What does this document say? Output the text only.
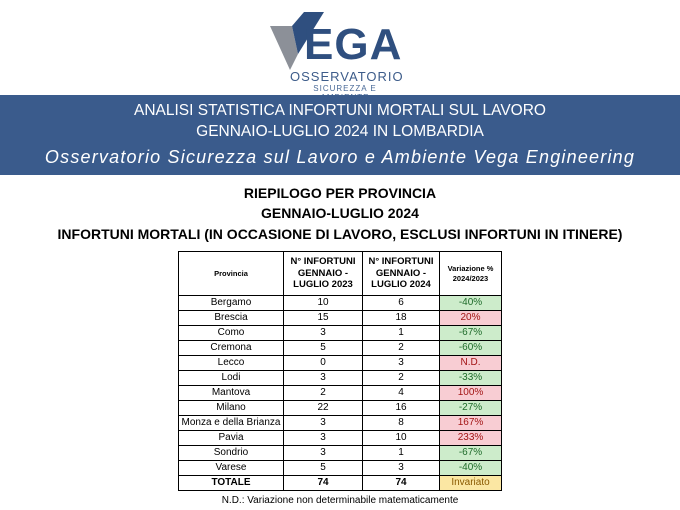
EGA
OSSERVATORIO
SICUREZZA E
ANALISI STATISTICA INFORTUNI MORTALI SUL LAVORO
GENNAIO-LUGLIO 2024 IN LOMBARDIA
Osservatorio Sicurezza sul Lavoro e Ambiente Vega Engineering
RIEPILOGO PER PROVINCIA
GENNAIO-LUGLIO 2024
INFORTUNI MORTALI (IN OCCASIONE DI LAVORO, ESCLUSI INFORTUNI IN ITINERE)
Provincia	N° INFORTUNI GENNAIO - LUGLIO 2023	N° INFORTUNI GENNAIO - LUGLIO 2024	Variazione % 2024/2023
Bergamo	10	6	-40%
Brescia	15	18	20%
Como	3	1	-67%
Cremona	5	2	-60%
Lecco	0	3	N.D.
Lodi	3	2	-33%
Mantova	2	4	100%
Milano	22	16	-27%
Monza e della Brianza	3	8	167%
Pavia	3	10	233%
Sondrio	3	1	-67%
Varese	5	3	-40%
TOTALE	74	74	Invariato
N.D.: Variazione non determinabile matematicamente
